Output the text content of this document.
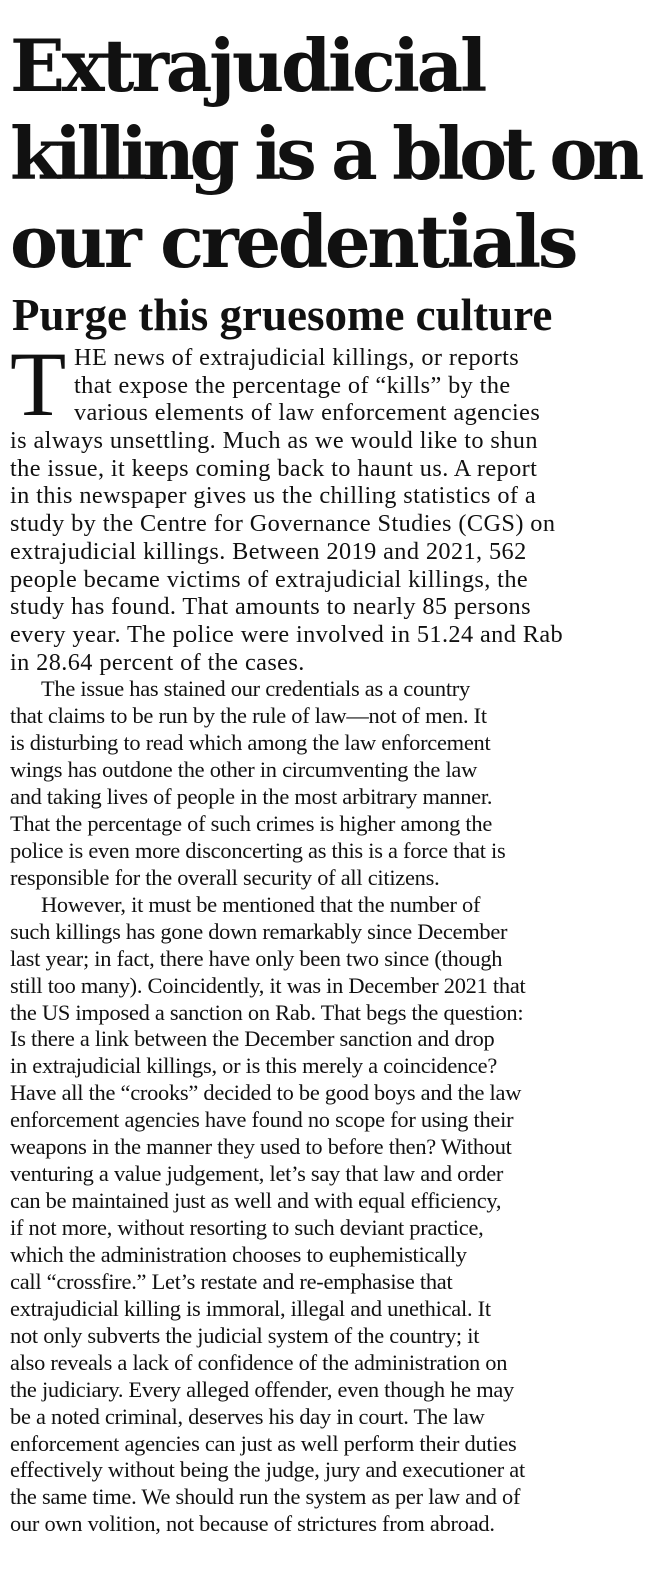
Extrajudicial
killing is a blot on
our credentials
Purge this gruesome culture
T HE news of extrajudicial killings, or reports
that expose the percentage of “kills” by the
various elements of law enforcement agencies
is always unsettling. Much as we would like to shun
the issue, it keeps coming back to haunt us. A report
in this newspaper gives us the chilling statistics of a
study by the Centre for Governance Studies (CGS) on
extrajudicial killings. Between 2019 and 2021, 562
people became victims of extrajudicial killings, the
study has found. That amounts to nearly 85 persons
every year. The police were involved in 51.24 and Rab
in 28.64 percent of the cases.
The issue has stained our credentials as a country
that claims to be run by the rule of law—not of men. It
is disturbing to read which among the law enforcement
wings has outdone the other in circumventing the law
and taking lives of people in the most arbitrary manner.
That the percentage of such crimes is higher among the
police is even more disconcerting as this is a force that is
responsible for the overall security of all citizens.
However, it must be mentioned that the number of
such killings has gone down remarkably since December
last year; in fact, there have only been two since (though
still too many). Coincidently, it was in December 2021 that
the US imposed a sanction on Rab. That begs the question:
Is there a link between the December sanction and drop
in extrajudicial killings, or is this merely a coincidence?
Have all the “crooks” decided to be good boys and the law
enforcement agencies have found no scope for using their
weapons in the manner they used to before then? Without
venturing a value judgement, let’s say that law and order
can be maintained just as well and with equal efficiency,
if not more, without resorting to such deviant practice,
which the administration chooses to euphemistically
call “crossfire.” Let’s restate and re-emphasise that
extrajudicial killing is immoral, illegal and unethical. It
not only subverts the judicial system of the country; it
also reveals a lack of confidence of the administration on
the judiciary. Every alleged offender, even though he may
be a noted criminal, deserves his day in court. The law
enforcement agencies can just as well perform their duties
effectively without being the judge, jury and executioner at
the same time. We should run the system as per law and of
our own volition, not because of strictures from abroad.
